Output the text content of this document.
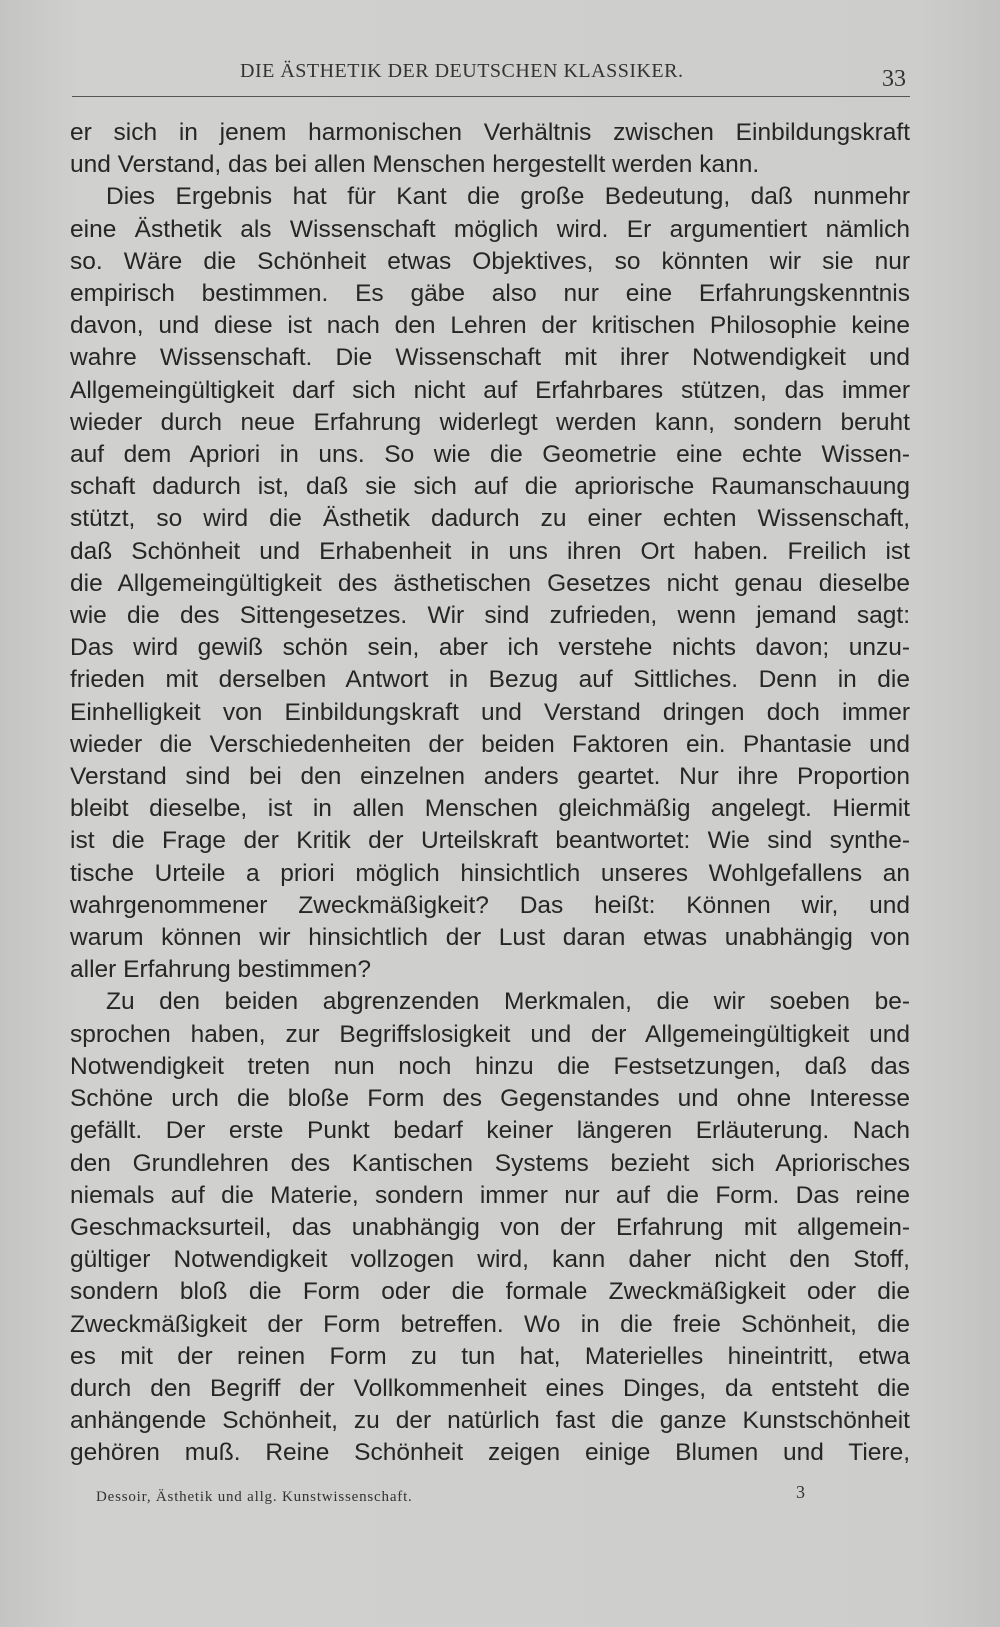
DIE ÄSTHETIK DER DEUTSCHEN KLASSIKER.	33
er sich in jenem harmonischen Verhältnis zwischen Einbildungskraft
und Verstand, das bei allen Menschen hergestellt werden kann.
Dies Ergebnis hat für Kant die große Bedeutung, daß nunmehr
eine Ästhetik als Wissenschaft möglich wird. Er argumentiert nämlich
so. Wäre die Schönheit etwas Objektives, so könnten wir sie nur
empirisch bestimmen. Es gäbe also nur eine Erfahrungskenntnis
davon, und diese ist nach den Lehren der kritischen Philosophie keine
wahre Wissenschaft. Die Wissenschaft mit ihrer Notwendigkeit und
Allgemeingültigkeit darf sich nicht auf Erfahrbares stützen, das immer
wieder durch neue Erfahrung widerlegt werden kann, sondern beruht
auf dem Apriori in uns. So wie die Geometrie eine echte Wissen-
schaft dadurch ist, daß sie sich auf die apriorische Raumanschauung
stützt, so wird die Ästhetik dadurch zu einer echten Wissenschaft,
daß Schönheit und Erhabenheit in uns ihren Ort haben. Freilich ist
die Allgemeingültigkeit des ästhetischen Gesetzes nicht genau dieselbe
wie die des Sittengesetzes. Wir sind zufrieden, wenn jemand sagt:
Das wird gewiß schön sein, aber ich verstehe nichts davon; unzu-
frieden mit derselben Antwort in Bezug auf Sittliches. Denn in die
Einhelligkeit von Einbildungskraft und Verstand dringen doch immer
wieder die Verschiedenheiten der beiden Faktoren ein. Phantasie und
Verstand sind bei den einzelnen anders geartet. Nur ihre Proportion
bleibt dieselbe, ist in allen Menschen gleichmäßig angelegt. Hiermit
ist die Frage der Kritik der Urteilskraft beantwortet: Wie sind synthe-
tische Urteile a priori möglich hinsichtlich unseres Wohlgefallens an
wahrgenommener Zweckmäßigkeit? Das heißt: Können wir, und
warum können wir hinsichtlich der Lust daran etwas unabhängig von
aller Erfahrung bestimmen?
Zu den beiden abgrenzenden Merkmalen, die wir soeben be-
sprochen haben, zur Begriffslosigkeit und der Allgemeingültigkeit und
Notwendigkeit treten nun noch hinzu die Festsetzungen, daß das
Schöne urch die bloße Form des Gegenstandes und ohne Interesse
gefällt. Der erste Punkt bedarf keiner längeren Erläuterung. Nach
den Grundlehren des Kantischen Systems bezieht sich Apriorisches
niemals auf die Materie, sondern immer nur auf die Form. Das reine
Geschmacksurteil, das unabhängig von der Erfahrung mit allgemein-
gültiger Notwendigkeit vollzogen wird, kann daher nicht den Stoff,
sondern bloß die Form oder die formale Zweckmäßigkeit oder die
Zweckmäßigkeit der Form betreffen. Wo in die freie Schönheit, die
es mit der reinen Form zu tun hat, Materielles hineintritt, etwa
durch den Begriff der Vollkommenheit eines Dinges, da entsteht die
anhängende Schönheit, zu der natürlich fast die ganze Kunstschönheit
gehören muß. Reine Schönheit zeigen einige Blumen und Tiere,
Dessoir, Ästhetik und allg. Kunstwissenschaft.	3
